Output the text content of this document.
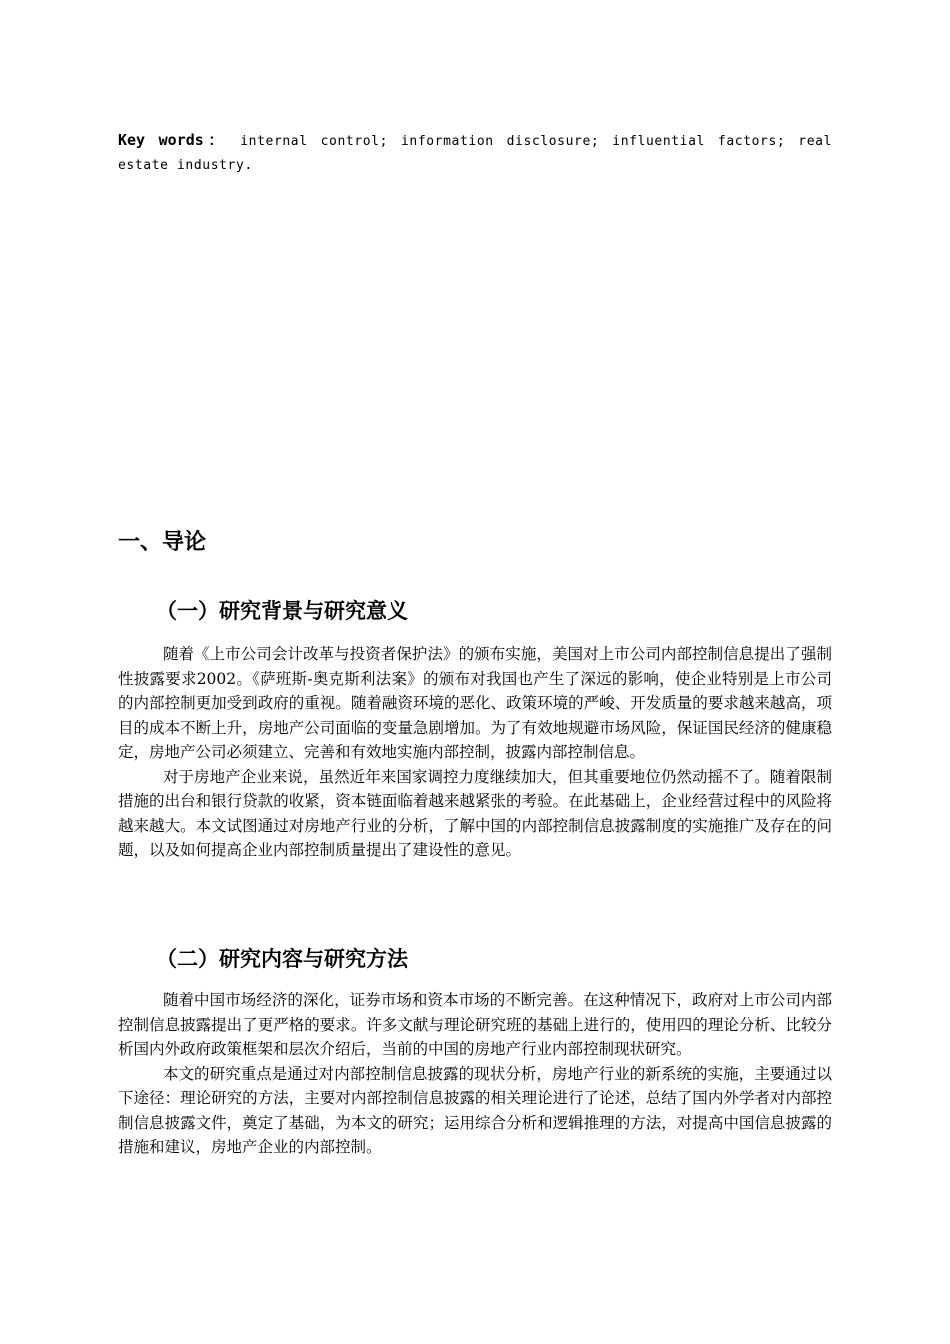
Key words： internal control; information disclosure; influential factors; real estate industry.
一、导论
（一）研究背景与研究意义

随着《上市公司会计改革与投资者保护法》的颁布实施，美国对上市公司内部控制信息提出了强制性披露要求2002。《萨班斯-奥克斯利法案》的颁布对我国也产生了深远的影响，使企业特别是上市公司的内部控制更加受到政府的重视。随着融资环境的恶化、政策环境的严峻、开发质量的要求越来越高，项目的成本不断上升，房地产公司面临的变量急剧增加。为了有效地规避市场风险，保证国民经济的健康稳定，房地产公司必须建立、完善和有效地实施内部控制，披露内部控制信息。

对于房地产企业来说，虽然近年来国家调控力度继续加大，但其重要地位仍然动摇不了。随着限制措施的出台和银行贷款的收紧，资本链面临着越来越紧张的考验。在此基础上，企业经营过程中的风险将越来越大。本文试图通过对房地产行业的分析，了解中国的内部控制信息披露制度的实施推广及存在的问题，以及如何提高企业内部控制质量提出了建设性的意见。

（二）研究内容与研究方法

随着中国市场经济的深化，证券市场和资本市场的不断完善。在这种情况下，政府对上市公司内部控制信息披露提出了更严格的要求。许多文献与理论研究班的基础上进行的，使用四的理论分析、比较分析国内外政府政策框架和层次介绍后，当前的中国的房地产行业内部控制现状研究。

本文的研究重点是通过对内部控制信息披露的现状分析，房地产行业的新系统的实施，主要通过以下途径：理论研究的方法，主要对内部控制信息披露的相关理论进行了论述，总结了国内外学者对内部控制信息披露文件，奠定了基础，为本文的研究；运用综合分析和逻辑推理的方法，对提高中国信息披露的措施和建议，房地产企业的内部控制。
